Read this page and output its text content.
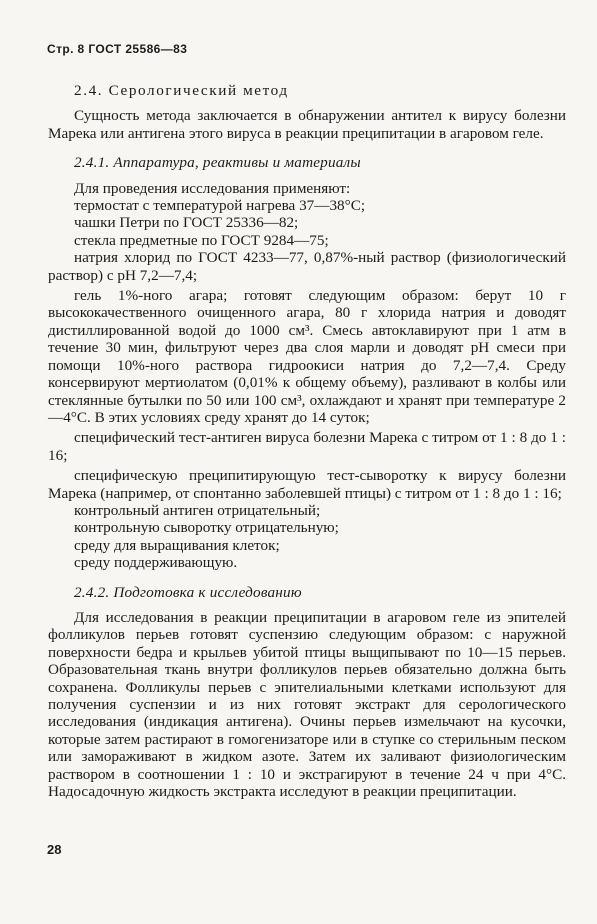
Стр. 8 ГОСТ 25586—83

2.4. Серологический метод

Сущность метода заключается в обнаружении антител к вирусу болезни Марека или антигена этого вируса в реакции преципитации в агаровом геле.

2.4.1. Аппаратура, реактивы и материалы

Для проведения исследования применяют:

термостат с температурой нагрева 37—38°С;

чашки Петри по ГОСТ 25336—82;

стекла предметные по ГОСТ 9284—75;

натрия хлорид по ГОСТ 4233—77, 0,87%-ный раствор (физиологический раствор) с рН 7,2—7,4;

гель 1%-ного агара; готовят следующим образом: берут 10 г высококачественного очищенного агара, 80 г хлорида натрия и доводят дистиллированной водой до 1000 см³. Смесь автоклавируют при 1 атм в течение 30 мин, фильтруют через два слоя марли и доводят рН смеси при помощи 10%-ного раствора гидроокиси натрия до 7,2—7,4. Среду консервируют мертиолатом (0,01% к общему объему), разливают в колбы или стеклянные бутылки по 50 или 100 см³, охлаждают и хранят при температуре 2—4°С. В этих условиях среду хранят до 14 суток;

специфический тест-антиген вируса болезни Марека с титром от 1 : 8 до 1 : 16;

специфическую преципитирующую тест-сыворотку к вирусу болезни Марека (например, от спонтанно заболевшей птицы) с титром от 1 : 8 до 1 : 16;

контрольный антиген отрицательный;

контрольную сыворотку отрицательную;

среду для выращивания клеток;

среду поддерживающую.

2.4.2. Подготовка к исследованию

Для исследования в реакции преципитации в агаровом геле из эпителей фолликулов перьев готовят суспензию следующим образом: с наружной поверхности бедра и крыльев убитой птицы выщипывают по 10—15 перьев. Образовательная ткань внутри фолликулов перьев обязательно должна быть сохранена. Фолликулы перьев с эпителиальными клетками используют для получения суспензии и из них готовят экстракт для серологического исследования (индикация антигена). Очины перьев измельчают на кусочки, которые затем растирают в гомогенизаторе или в ступке со стерильным песком или замораживают в жидком азоте. Затем их заливают физиологическим раствором в соотношении 1 : 10 и экстрагируют в течение 24 ч при 4°С. Надосадочную жидкость экстракта исследуют в реакции преципитации.

28
